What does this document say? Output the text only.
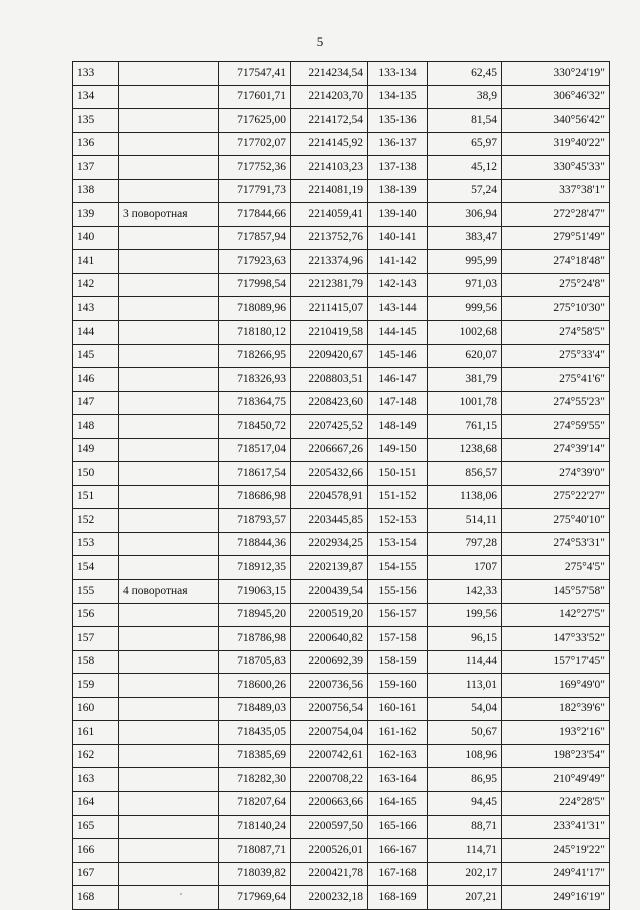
5
133		717547,41	2214234,54	133-134	62,45	330°24'19"
134		717601,71	2214203,70	134-135	38,9	306°46'32"
135		717625,00	2214172,54	135-136	81,54	340°56'42"
136		717702,07	2214145,92	136-137	65,97	319°40'22"
137		717752,36	2214103,23	137-138	45,12	330°45'33"
138		717791,73	2214081,19	138-139	57,24	337°38'1"
139	3 поворотная	717844,66	2214059,41	139-140	306,94	272°28'47"
140		717857,94	2213752,76	140-141	383,47	279°51'49"
141		717923,63	2213374,96	141-142	995,99	274°18'48"
142		717998,54	2212381,79	142-143	971,03	275°24'8"
143		718089,96	2211415,07	143-144	999,56	275°10'30"
144		718180,12	2210419,58	144-145	1002,68	274°58'5"
145		718266,95	2209420,67	145-146	620,07	275°33'4"
146		718326,93	2208803,51	146-147	381,79	275°41'6"
147		718364,75	2208423,60	147-148	1001,78	274°55'23"
148		718450,72	2207425,52	148-149	761,15	274°59'55"
149		718517,04	2206667,26	149-150	1238,68	274°39'14"
150		718617,54	2205432,66	150-151	856,57	274°39'0"
151		718686,98	2204578,91	151-152	1138,06	275°22'27"
152		718793,57	2203445,85	152-153	514,11	275°40'10"
153		718844,36	2202934,25	153-154	797,28	274°53'31"
154		718912,35	2202139,87	154-155	1707	275°4'5"
155	4 поворотная	719063,15	2200439,54	155-156	142,33	145°57'58"
156		718945,20	2200519,20	156-157	199,56	142°27'5"
157		718786,98	2200640,82	157-158	96,15	147°33'52"
158		718705,83	2200692,39	158-159	114,44	157°17'45"
159		718600,26	2200736,56	159-160	113,01	169°49'0"
160		718489,03	2200756,54	160-161	54,04	182°39'6"
161		718435,05	2200754,04	161-162	50,67	193°2'16"
162		718385,69	2200742,61	162-163	108,96	198°23'54"
163		718282,30	2200708,22	163-164	86,95	210°49'49"
164		718207,64	2200663,66	164-165	94,45	224°28'5"
165		718140,24	2200597,50	165-166	88,71	233°41'31"
166		718087,71	2200526,01	166-167	114,71	245°19'22"
167		718039,82	2200421,78	167-168	202,17	249°41'17"
168		717969,64	2200232,18	168-169	207,21	249°16'19"
